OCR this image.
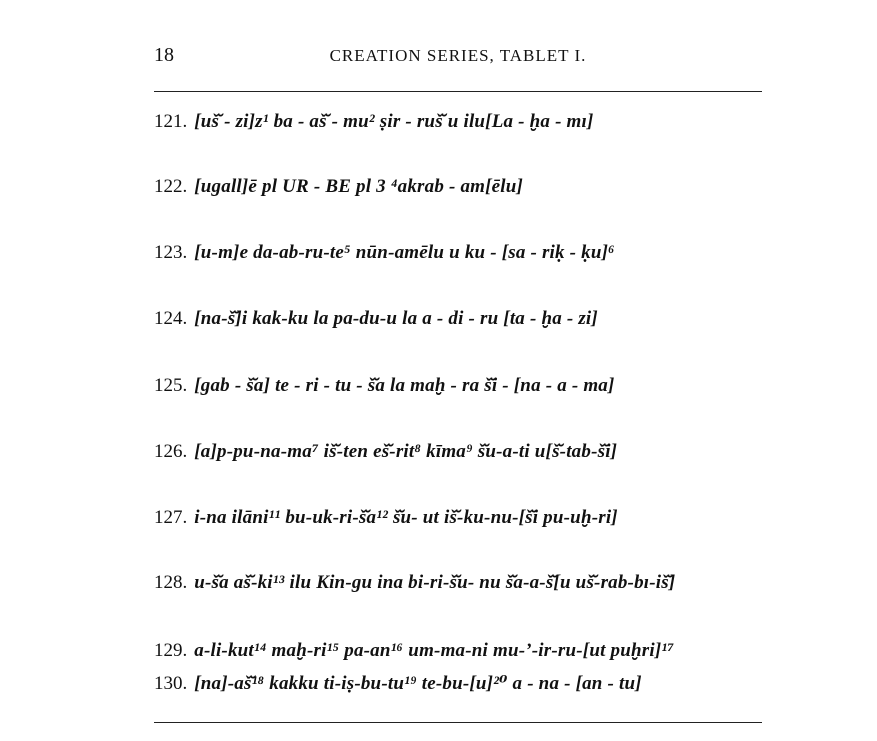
18	CREATION SERIES, TABLET I.
121. [uš̆ - zi]z¹ ba - aš̆ - mu² ṣir - ruš̆ u ilu[La - ḫa - mı]
122. [ugall]ē pl UR - BE pl 3 ⁴akrab - am[ēlu]
123. [u-m]e da-ab-ru-te⁵ nūn-amēlu u ku - [sa - riḳ - ḳu]⁶
124. [na-š̆]i kak-ku la pa-du-u la a - di - ru [ta - ḫa - zi]
125. [gab - š̆a] te - ri - tu - š̆a la maḫ - ra š̆i - [na - a - ma]
126. [a]p-pu-na-ma⁷ iš̆-ten eš̆-rit⁸ kīma⁹ š̆u-a-ti u[š̆-tab-š̆i]
127. i-na ilāni¹¹ bu-uk-ri-š̆a¹² š̆u- ut iš̆-ku-nu-[š̆i pu-uḫ-ri]
128. u-š̆a aš̆-ki¹³ ilu Kin-gu ina bi-ri-š̆u- nu š̆a-a-š̆[u uš̆-rab-bı-iš̆]
129. a-li-kut¹⁴ maḫ-ri¹⁵ pa-an¹⁶ um-ma-ni mu-’-ir-ru-[ut puḫri]¹⁷
130. [na]-aš̆¹⁸ kakku ti-iṣ-bu-tu¹⁹ te-bu-[u]²⁰ a - na - [an - tu]
